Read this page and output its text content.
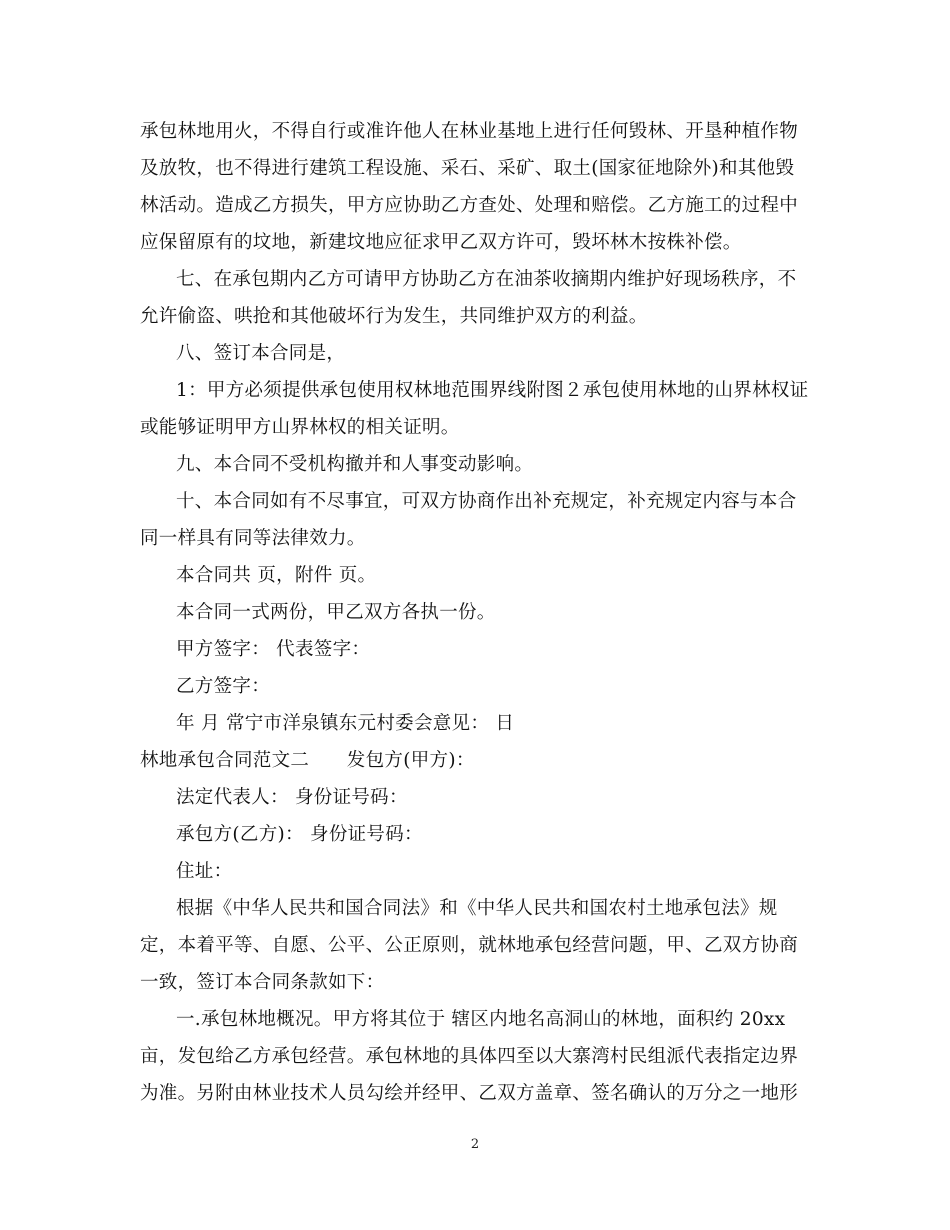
承包林地用火，不得自行或准许他人在林业基地上进行任何毁林、开垦种植作物
及放牧，也不得进行建筑工程设施、采石、采矿、取土(国家征地除外)和其他毁
林活动。造成乙方损失，甲方应协助乙方查处、处理和赔偿。乙方施工的过程中
应保留原有的坟地，新建坟地应征求甲乙双方许可，毁坏林木按株补偿。
七、在承包期内乙方可请甲方协助乙方在油茶收摘期内维护好现场秩序，不
允许偷盗、哄抢和其他破坏行为发生，共同维护双方的利益。
八、签订本合同是，
1：甲方必须提供承包使用权林地范围界线附图２承包使用林地的山界林权证
或能够证明甲方山界林权的相关证明。
九、本合同不受机构撤并和人事变动影响。
十、本合同如有不尽事宜，可双方协商作出补充规定，补充规定内容与本合
同一样具有同等法律效力。
本合同共 页，附件 页。
本合同一式两份，甲乙双方各执一份。
甲方签字： 代表签字：
乙方签字：
年 月 常宁市洋泉镇东元村委会意见： 日
林地承包合同范文二　　发包方(甲方)：
法定代表人： 身份证号码：
承包方(乙方)： 身份证号码：
住址：
根据《中华人民共和国合同法》和《中华人民共和国农村土地承包法》规
定，本着平等、自愿、公平、公正原则，就林地承包经营问题，甲、乙双方协商
一致，签订本合同条款如下：
一.承包林地概况。甲方将其位于 辖区内地名高洞山的林地，面积约 20xx
亩，发包给乙方承包经营。承包林地的具体四至以大寨湾村民组派代表指定边界
为准。另附由林业技术人员勾绘并经甲、乙双方盖章、签名确认的万分之一地形
2
